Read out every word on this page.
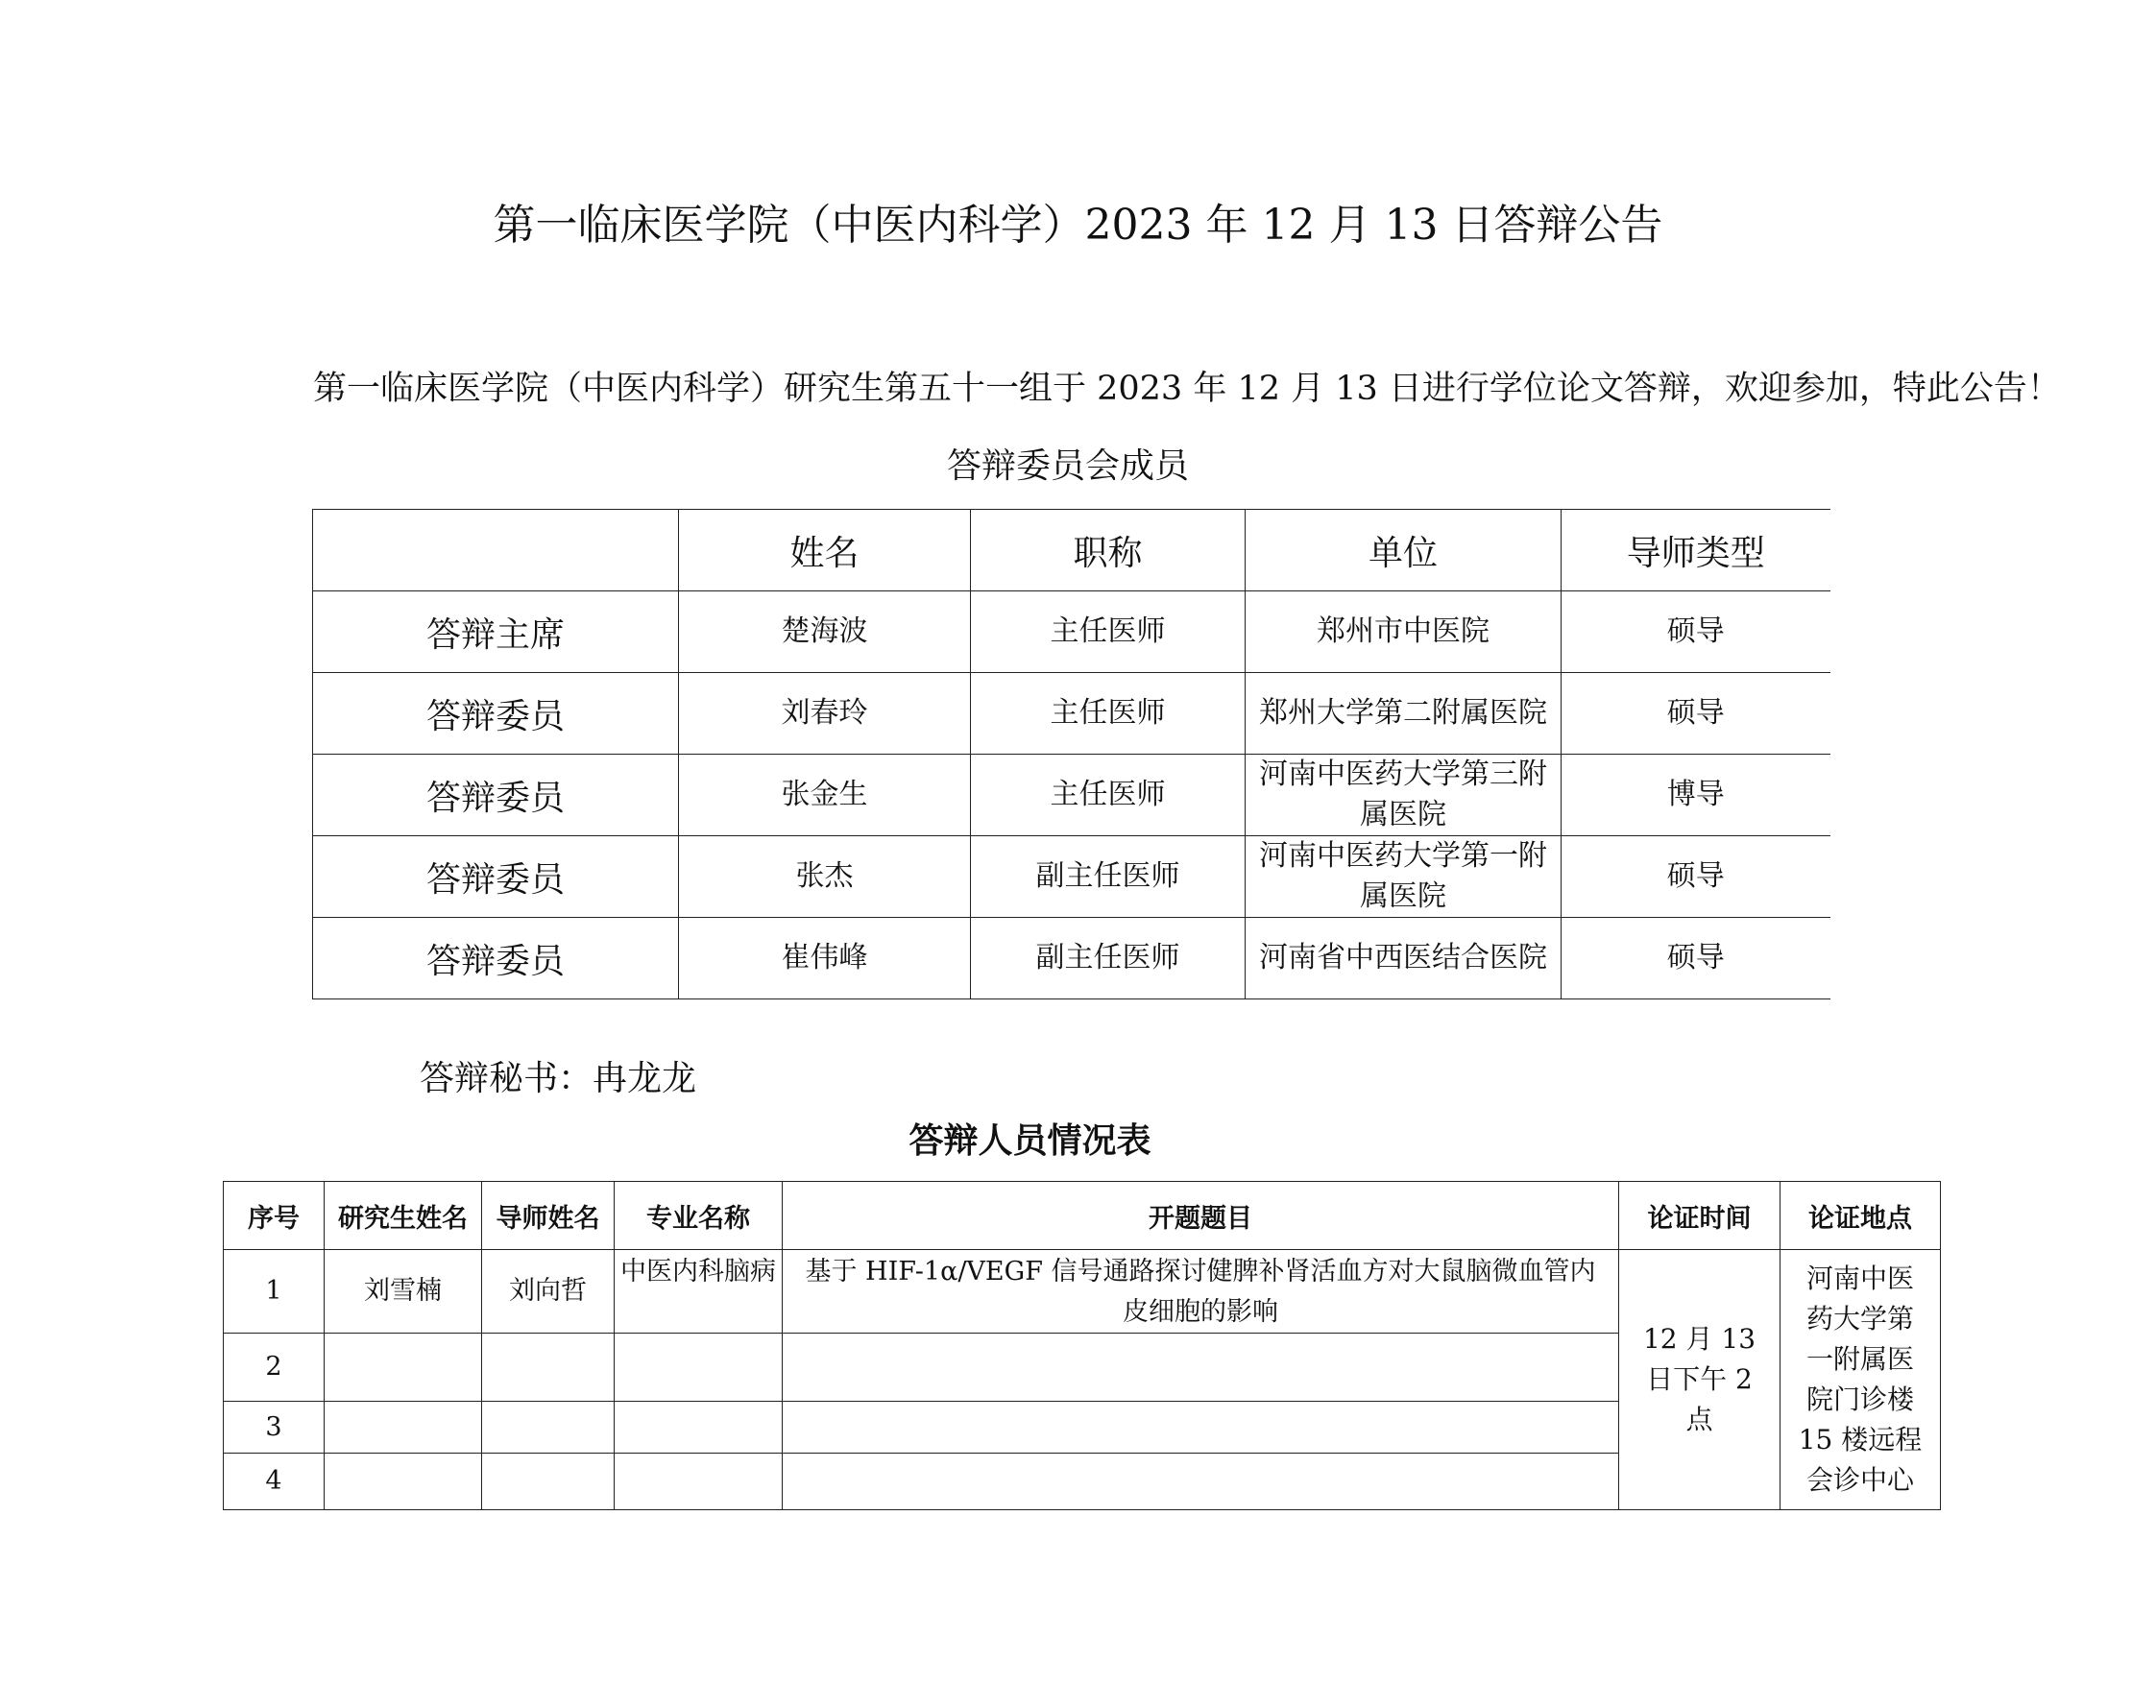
第一临床医学院（中医内科学）2023 年 12 月 13 日答辩公告
第一临床医学院（中医内科学）研究生第五十一组于 2023 年 12 月 13 日进行学位论文答辩，欢迎参加，特此公告！
答辩委员会成员
	姓名	职称	单位	导师类型
答辩主席	楚海波	主任医师	郑州市中医院	硕导
答辩委员	刘春玲	主任医师	郑州大学第二附属医院	硕导
答辩委员	张金生	主任医师	河南中医药大学第三附属医院	博导
答辩委员	张杰	副主任医师	河南中医药大学第一附属医院	硕导
答辩委员	崔伟峰	副主任医师	河南省中西医结合医院	硕导
答辩秘书：冉龙龙
答辩人员情况表
序号	研究生姓名	导师姓名	专业名称	开题题目	论证时间	论证地点
1	刘雪楠	刘向哲	中医内科脑病	基于 HIF-1α/VEGF 信号通路探讨健脾补肾活血方对大鼠脑微血管内皮细胞的影响	12 月 13 日下午 2 点	河南中医药大学第一附属医院门诊楼 15 楼远程会诊中心
2						
3						
4						
